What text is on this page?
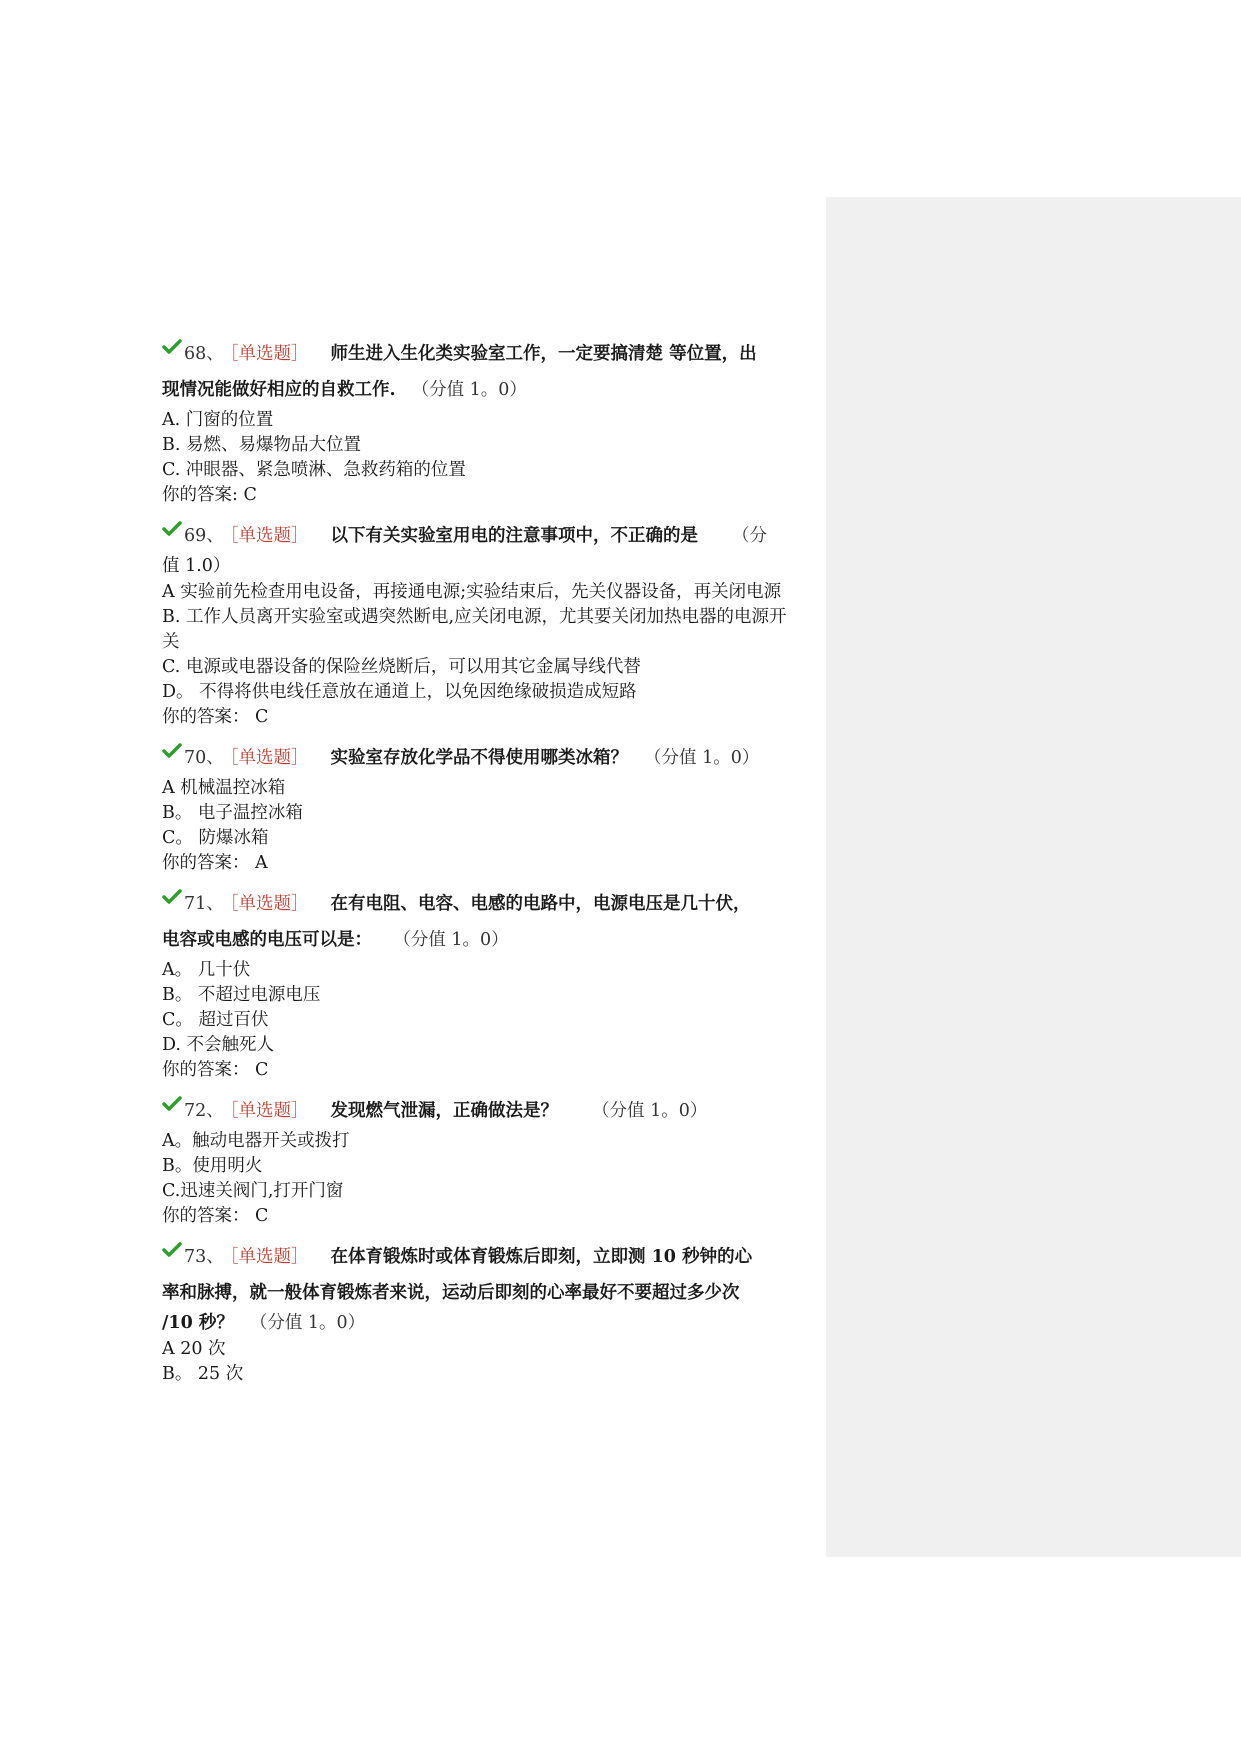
68、 ［单选题］ 师生进入生化类实验室工作，一定要搞清楚 等位置，出
现情况能做好相应的自救工作. （分值 1。0）
A. 门窗的位置
B. 易燃、易爆物品大位置
C. 冲眼器、紧急喷淋、急救药箱的位置
你的答案: C
69、 ［单选题］ 以下有关实验室用电的注意事项中，不正确的是 （分
值 1.0）
A 实验前先检查用电设备，再接通电源;实验结束后，先关仪器设备，再关闭电源
B. 工作人员离开实验室或遇突然断电,应关闭电源，尤其要关闭加热电器的电源开关
C. 电源或电器设备的保险丝烧断后，可以用其它金属导线代替
D。 不得将供电线任意放在通道上，以免因绝缘破损造成短路
你的答案： C
70、 ［单选题］ 实验室存放化学品不得使用哪类冰箱？ （分值 1。0）
A 机械温控冰箱
B。 电子温控冰箱
C。 防爆冰箱
你的答案： A
71、 ［单选题］ 在有电阻、电容、电感的电路中，电源电压是几十伏，
电容或电感的电压可以是： （分值 1。0）
A。 几十伏
B。 不超过电源电压
C。 超过百伏
D. 不会触死人
你的答案： C
72、 ［单选题］ 发现燃气泄漏，正确做法是？ （分值 1。0）
A。触动电器开关或拨打
B。使用明火
C.迅速关阀门,打开门窗
你的答案： C
73、 ［单选题］ 在体育锻炼时或体育锻炼后即刻，立即测 10 秒钟的心
率和脉搏，就一般体育锻炼者来说，运动后即刻的心率最好不要超过多少次
/10 秒？ （分值 1。0）
A 20 次
B。 25 次
